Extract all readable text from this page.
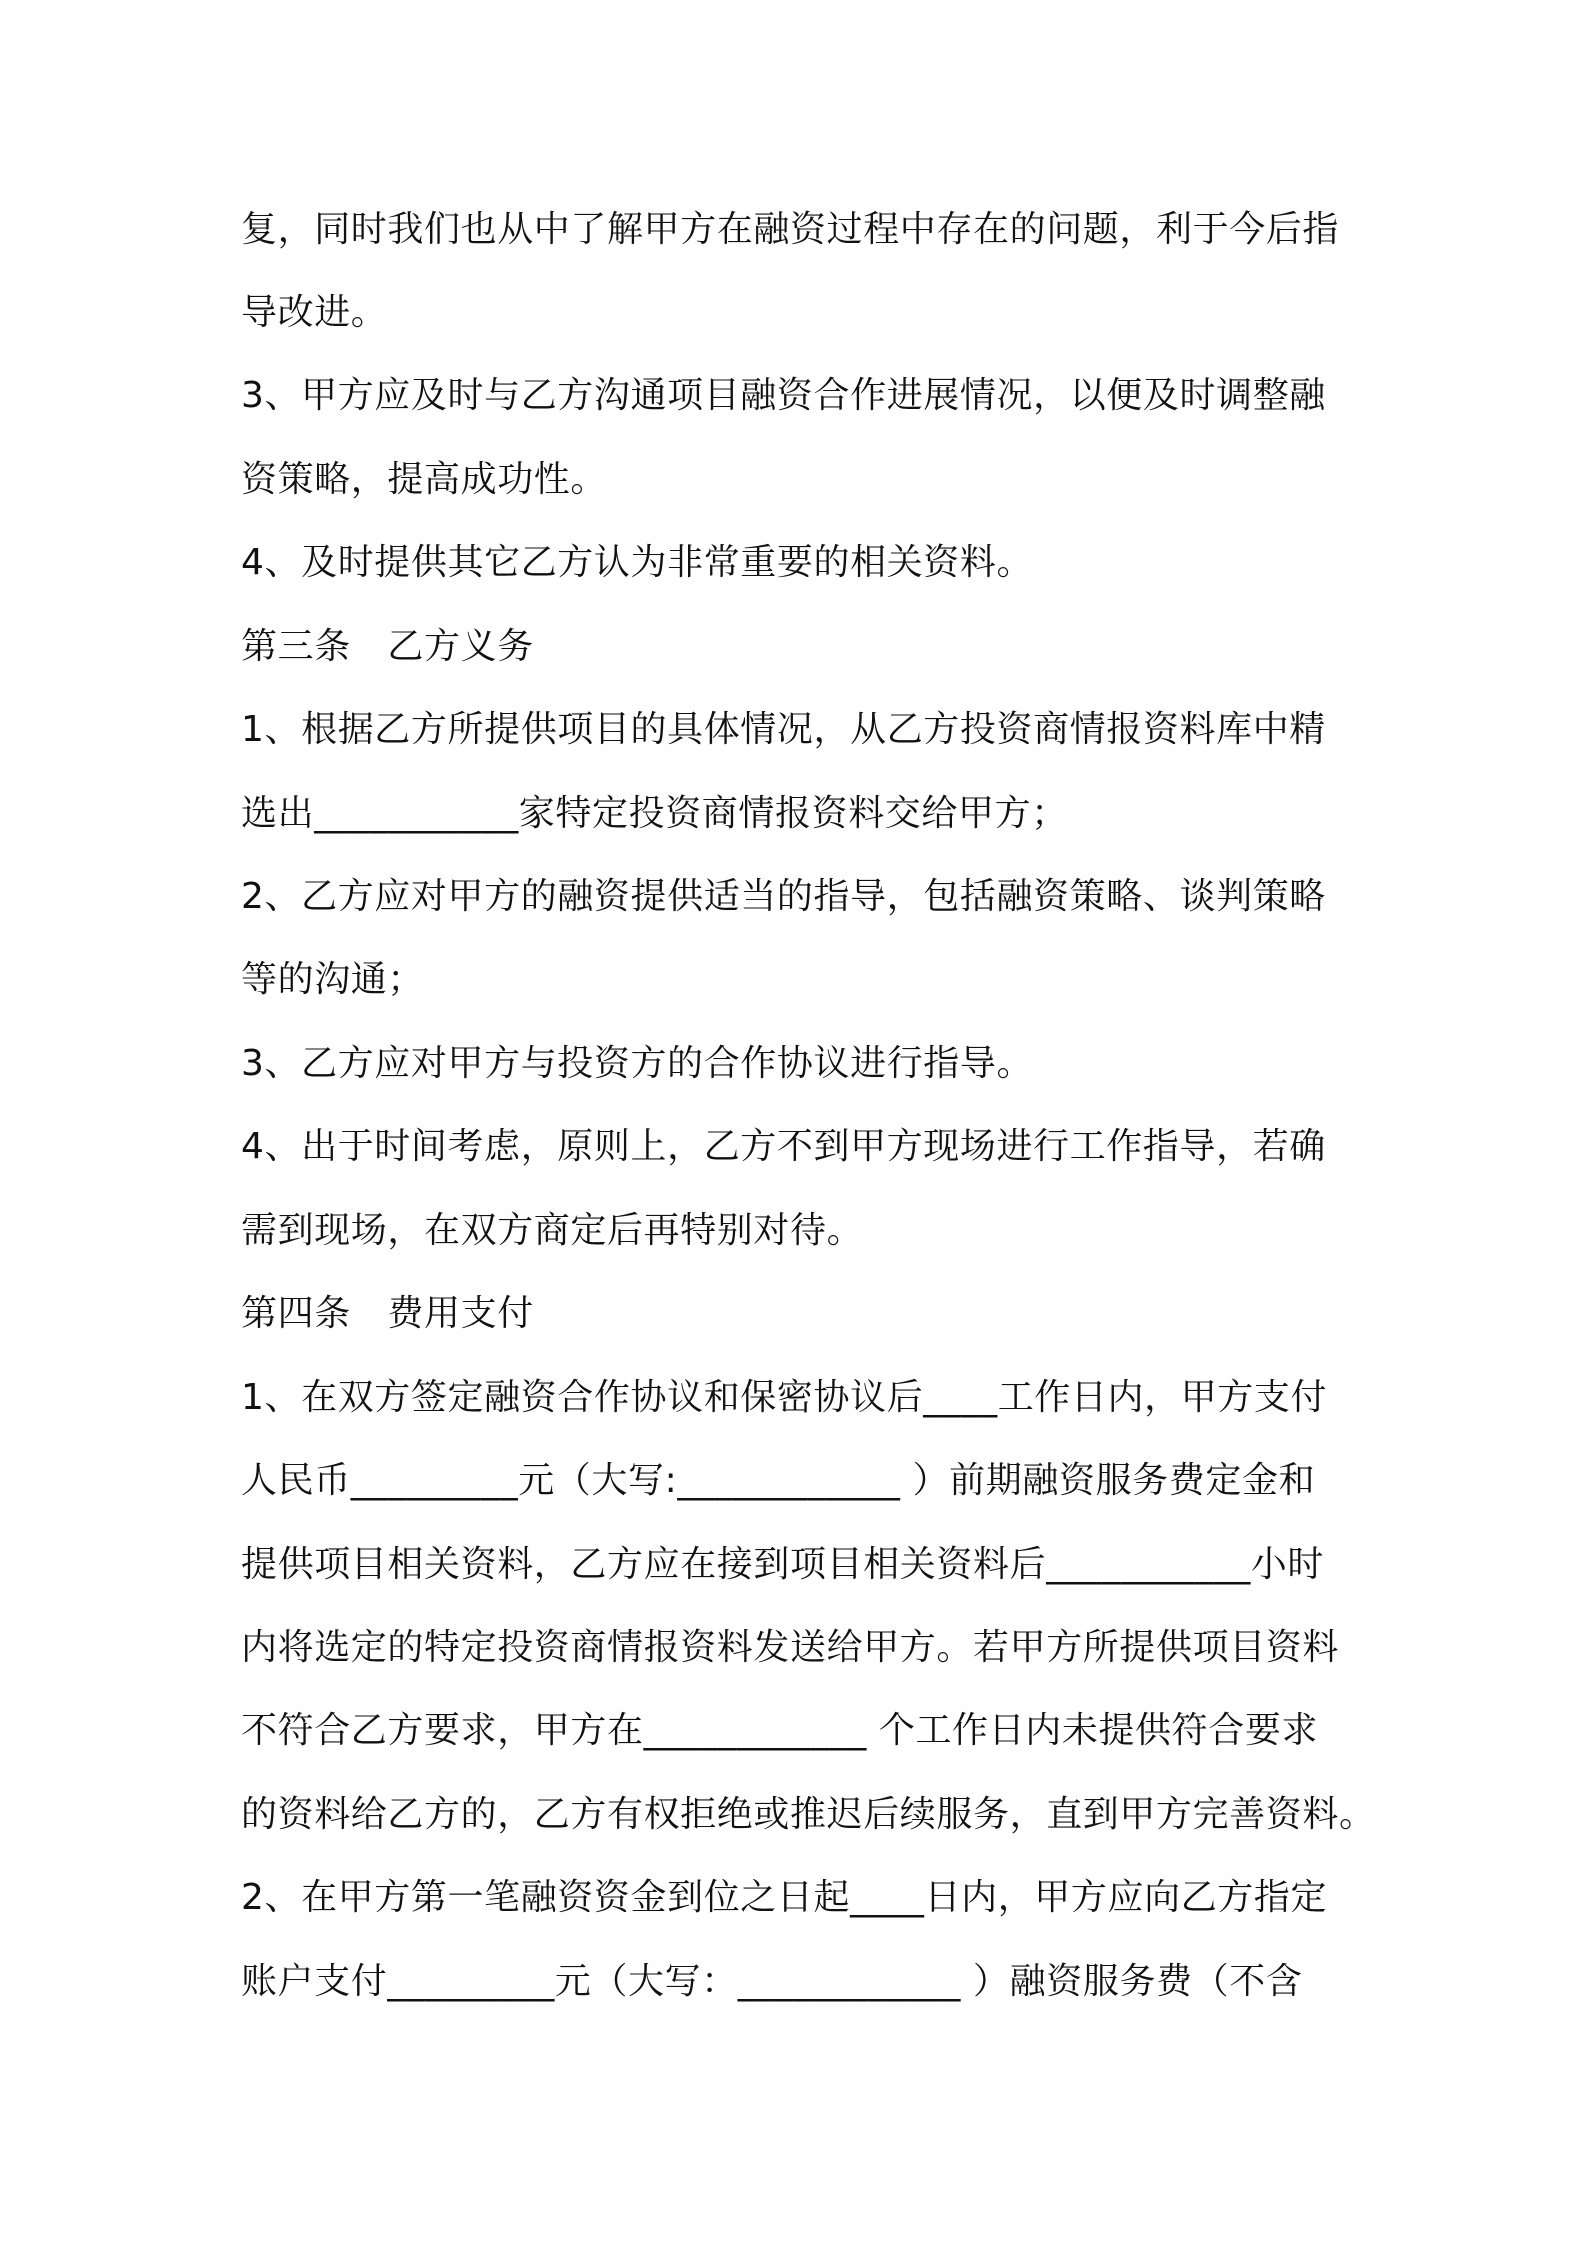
复，同时我们也从中了解甲方在融资过程中存在的问题，利于今后指
导改进。
3、甲方应及时与乙方沟通项目融资合作进展情况，以便及时调整融
资策略，提高成功性。
4、及时提供其它乙方认为非常重要的相关资料。
第三条　乙方义务
1、根据乙方所提供项目的具体情况，从乙方投资商情报资料库中精
选出___________家特定投资商情报资料交给甲方；
2、乙方应对甲方的融资提供适当的指导，包括融资策略、谈判策略
等的沟通；
3、乙方应对甲方与投资方的合作协议进行指导。
4、出于时间考虑，原则上，乙方不到甲方现场进行工作指导，若确
需到现场，在双方商定后再特别对待。
第四条　费用支付
1、在双方签定融资合作协议和保密协议后____工作日内，甲方支付
人民币_________元（大写:____________ ）前期融资服务费定金和
提供项目相关资料，乙方应在接到项目相关资料后___________小时
内将选定的特定投资商情报资料发送给甲方。若甲方所提供项目资料
不符合乙方要求，甲方在____________ 个工作日内未提供符合要求
的资料给乙方的，乙方有权拒绝或推迟后续服务，直到甲方完善资料。
2、在甲方第一笔融资资金到位之日起____日内，甲方应向乙方指定
账户支付_________元（大写：____________ ）融资服务费（不含
